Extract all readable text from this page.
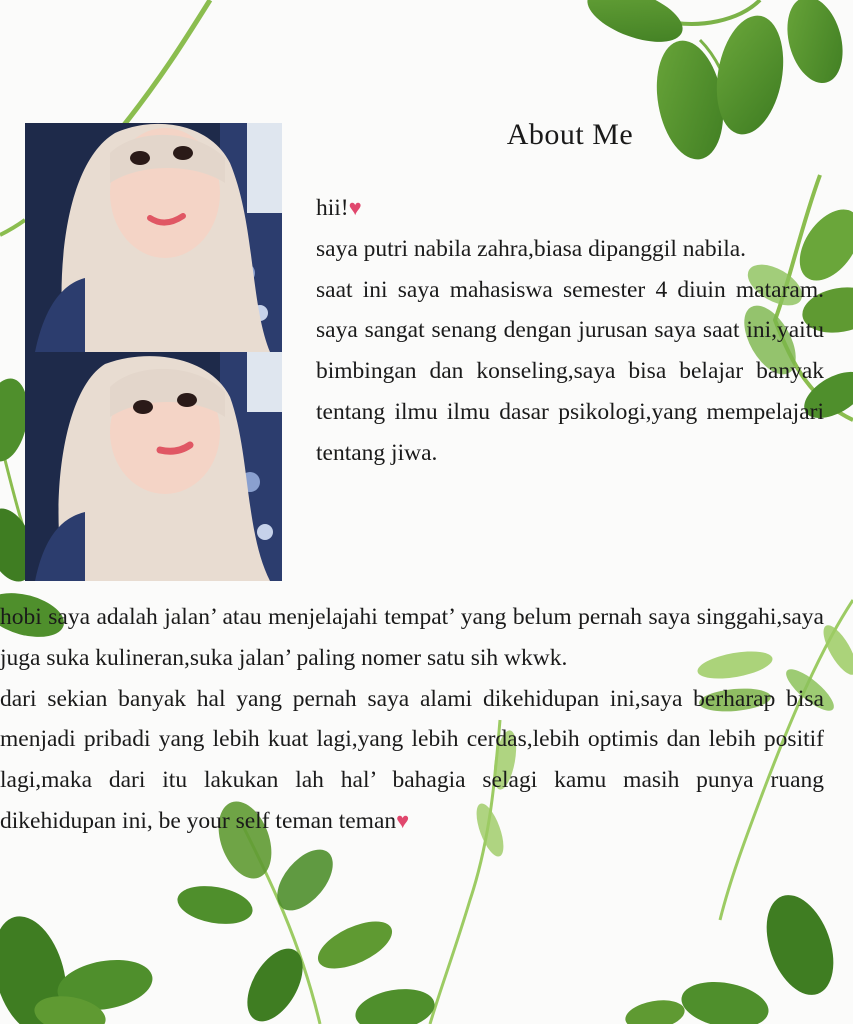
About Me

hii!♥

saya putri nabila zahra,biasa dipanggil nabila.

saat ini saya mahasiswa semester 4 diuin mataram. saya sangat senang dengan jurusan saya saat ini,yaitu bimbingan dan konseling,saya bisa belajar banyak tentang ilmu ilmu dasar psikologi,yang mempelajari tentang jiwa.

hobi saya adalah jalan’ atau menjelajahi tempat’ yang belum pernah saya singgahi,saya juga suka kulineran,suka jalan’ paling nomer satu sih wkwk.

dari sekian banyak hal yang pernah saya alami dikehidupan ini,saya berharap bisa menjadi pribadi yang lebih kuat lagi,yang lebih cerdas,lebih optimis dan lebih positif lagi,maka dari itu lakukan lah hal’ bahagia selagi kamu masih punya ruang dikehidupan ini, be your self teman teman♥
